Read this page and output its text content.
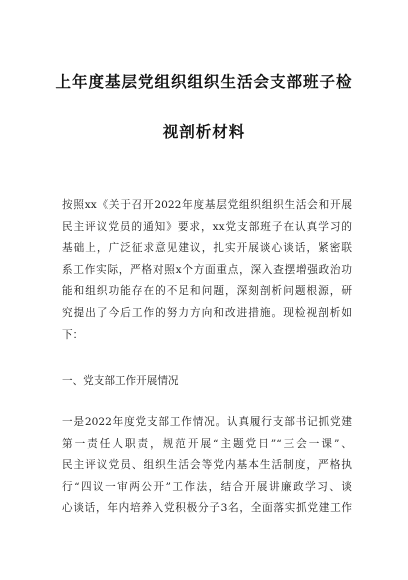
上年度基层党组织组织生活会支部班子检
视剖析材料
按照xx《关于召开2022年度基层党组织组织生活会和开展
民主评议党员的通知》要求，xx党支部班子在认真学习的
基础上，广泛征求意见建议，扎实开展谈心谈话，紧密联
系工作实际，严格对照x个方面重点，深入查摆增强政治功
能和组织功能存在的不足和问题，深刻剖析问题根源，研
究提出了今后工作的努力方向和改进措施。现检视剖析如
下：
一、党支部工作开展情况
一是2022年度党支部工作情况。认真履行支部书记抓党建
第一责任人职责，规范开展“主题党日”“三会一课”、
民主评议党员、组织生活会等党内基本生活制度，严格执
行“四议一审两公开”工作法，结合开展讲廉政学习、谈
心谈话，年内培养入党积极分子3名，全面落实抓党建工作
